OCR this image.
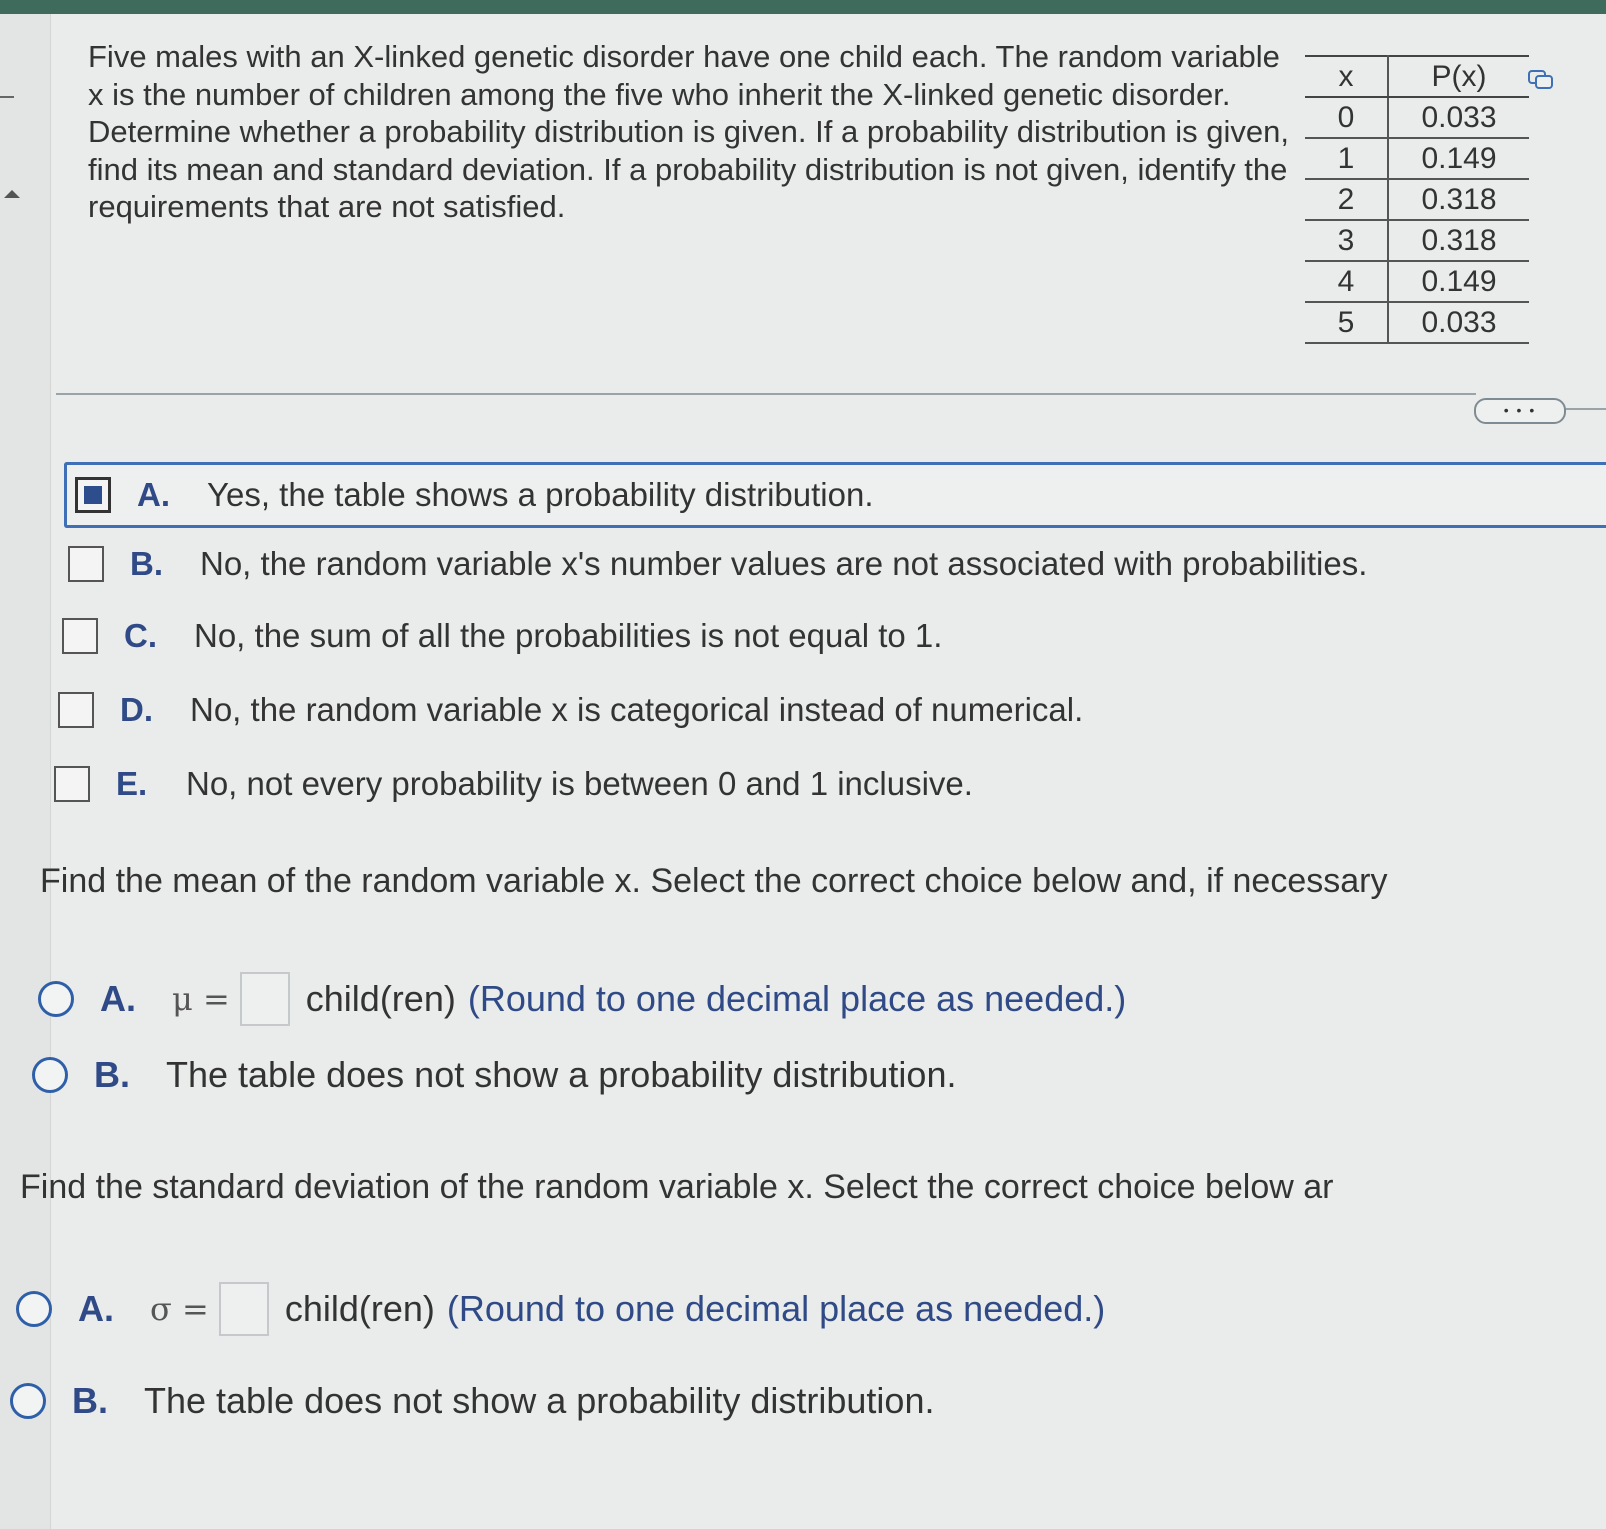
Five males with an X-linked genetic disorder have one child each. The random variable x is the number of children among the five who inherit the X-linked genetic disorder. Determine whether a probability distribution is given. If a probability distribution is given, find its mean and standard deviation. If a probability distribution is not given, identify the requirements that are not satisfied.
x	P(x)
0	0.033
1	0.149
2	0.318
3	0.318
4	0.149
5	0.033
• • •
A.	Yes, the table shows a probability distribution.
B.	No, the random variable x's number values are not associated with probabilities.
C.	No, the sum of all the probabilities is not equal to 1.
D.	No, the random variable x is categorical instead of numerical.
E.	No, not every probability is between 0 and 1 inclusive.
Find the mean of the random variable x. Select the correct choice below and, if necessary
A.	μ = child(ren) (Round to one decimal place as needed.)
B.	The table does not show a probability distribution.
Find the standard deviation of the random variable x. Select the correct choice below ar
A.	σ = child(ren) (Round to one decimal place as needed.)
B.	The table does not show a probability distribution.
